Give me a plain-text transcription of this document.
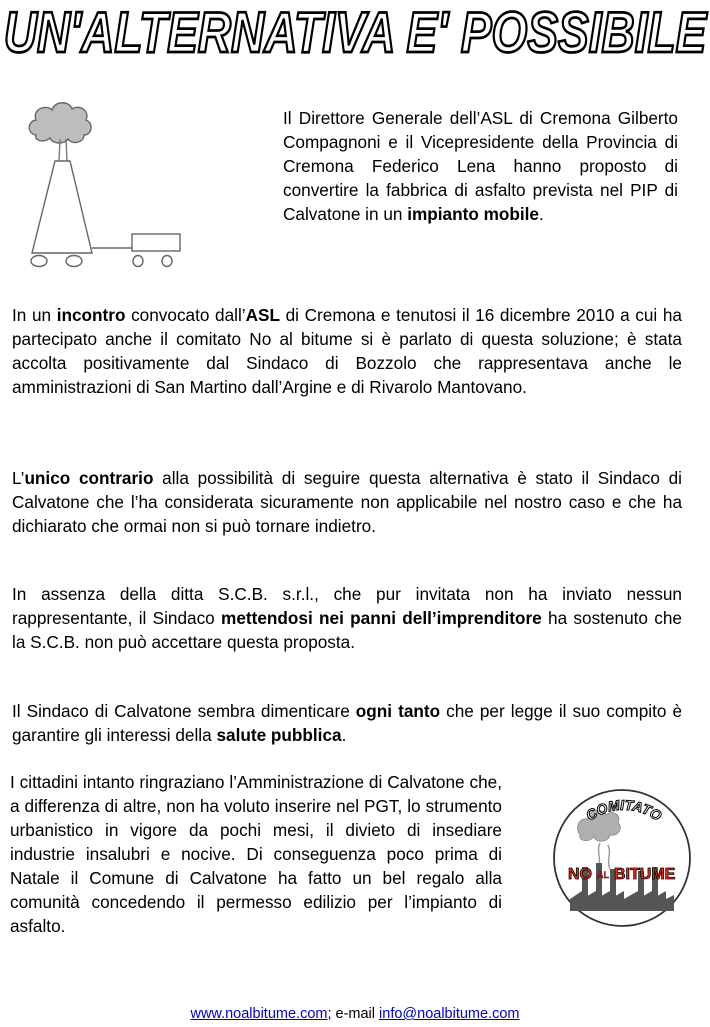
UN'ALTERNATIVA E' POSSIBILE
Il Direttore Generale dell’ASL di Cremona Gilberto Compagnoni e il Vicepresidente della Provincia di Cremona Federico Lena hanno proposto di convertire la fabbrica di asfalto prevista nel PIP di Calvatone in un impianto mobile.
In un incontro convocato dall’ASL di Cremona e tenutosi il 16 dicembre 2010 a cui ha partecipato anche il comitato No al bitume si è parlato di questa soluzione; è stata accolta positivamente dal Sindaco di Bozzolo che rappresentava anche le amministrazioni di San Martino dall’Argine e di Rivarolo Mantovano.
L’unico contrario alla possibilità di seguire questa alternativa è stato il Sindaco di Calvatone che l’ha considerata sicuramente non applicabile nel nostro caso e che ha dichiarato che ormai non si può tornare indietro.
In assenza della ditta S.C.B. s.r.l., che pur invitata non ha inviato nessun rappresentante, il Sindaco mettendosi nei panni dell’imprenditore ha sostenuto che la S.C.B. non può accettare questa proposta.
Il Sindaco di Calvatone sembra dimenticare ogni tanto che per legge il suo compito è garantire gli interessi della salute pubblica.
I cittadini intanto ringraziano l’Amministrazione di Calvatone che, a differenza di altre, non ha voluto inserire nel PGT, lo strumento urbanistico in vigore da pochi mesi, il divieto di insediare industrie insalubri e nocive. Di conseguenza poco prima di Natale il Comune di Calvatone ha fatto un bel regalo alla comunità concedendo il permesso edilizio per l’impianto di asfalto.
COMITATO
NO AL BITUME
www.noalbitume.com; e-mail info@noalbitume.com
